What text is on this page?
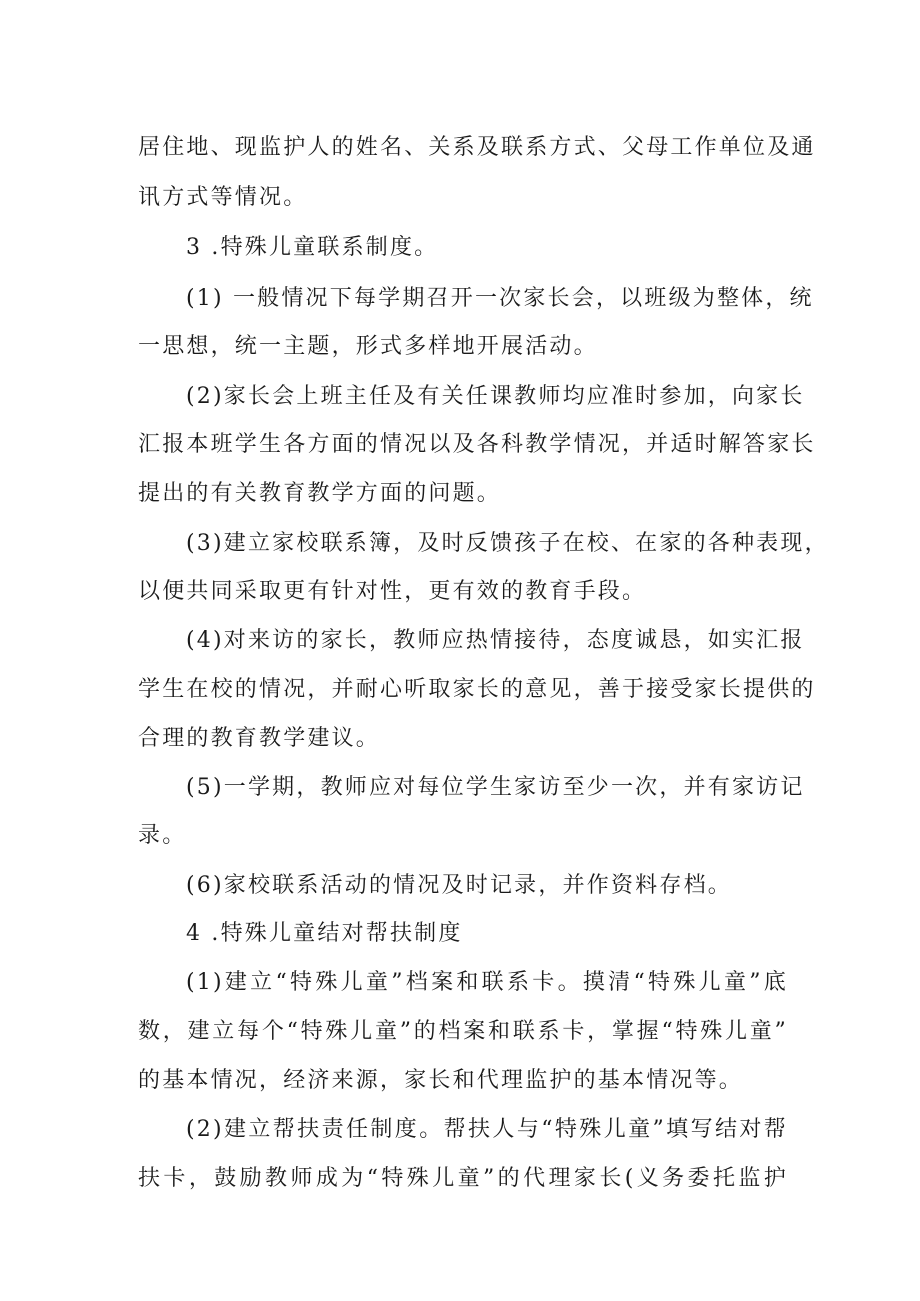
居住地、现监护人的姓名、关系及联系方式、父母工作单位及通
讯方式等情况。
3 .特殊儿童联系制度。
(1) 一般情况下每学期召开一次家长会，以班级为整体，统
一思想，统一主题，形式多样地开展活动。
(2)家长会上班主任及有关任课教师均应准时参加，向家长
汇报本班学生各方面的情况以及各科教学情况，并适时解答家长
提出的有关教育教学方面的问题。
(3)建立家校联系簿，及时反馈孩子在校、在家的各种表现，
以便共同采取更有针对性，更有效的教育手段。
(4)对来访的家长，教师应热情接待，态度诚恳，如实汇报
学生在校的情况，并耐心听取家长的意见，善于接受家长提供的
合理的教育教学建议。
(5)一学期，教师应对每位学生家访至少一次，并有家访记
录。
(6)家校联系活动的情况及时记录，并作资料存档。
4 .特殊儿童结对帮扶制度
(1)建立“特殊儿童”档案和联系卡。摸清“特殊儿童”底
数，建立每个“特殊儿童”的档案和联系卡，掌握“特殊儿童”
的基本情况，经济来源，家长和代理监护的基本情况等。
(2)建立帮扶责任制度。帮扶人与“特殊儿童”填写结对帮
扶卡，鼓励教师成为“特殊儿童”的代理家长(义务委托监护
